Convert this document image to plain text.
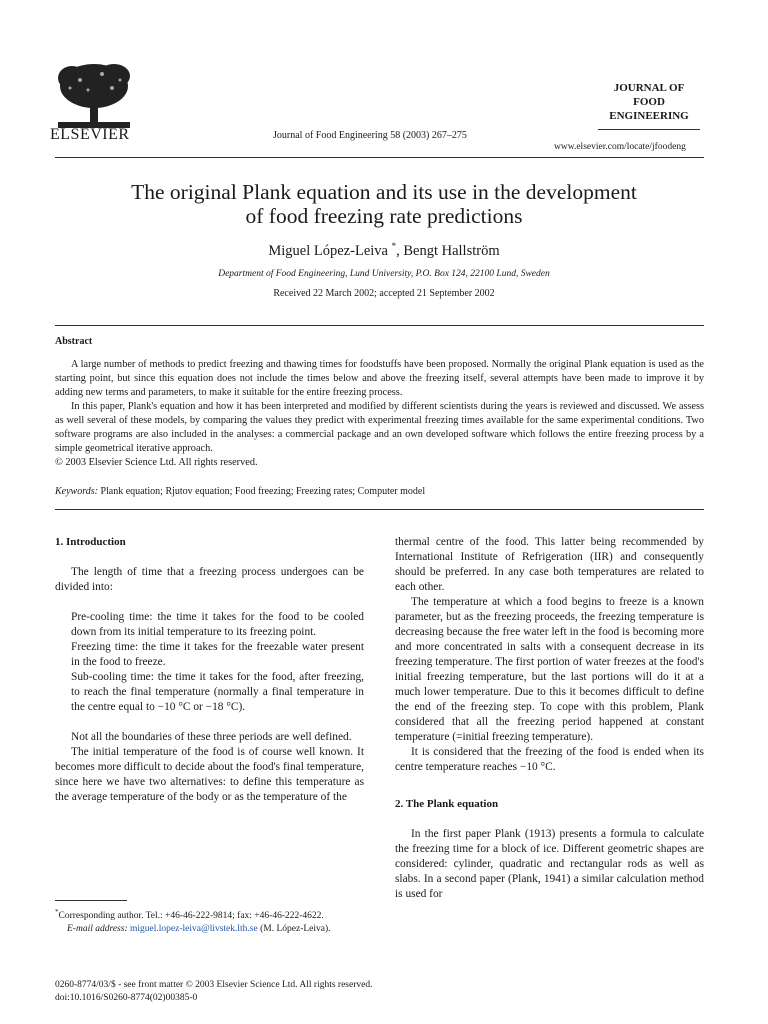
ELSEVIER	Journal of Food Engineering 58 (2003) 267–275
JOURNAL OF
FOOD
ENGINEERING
www.elsevier.com/locate/jfoodeng
The original Plank equation and its use in the development
of food freezing rate predictions
Miguel López-Leiva *, Bengt Hallström
Department of Food Engineering, Lund University, P.O. Box 124, 22100 Lund, Sweden
Received 22 March 2002; accepted 21 September 2002
Abstract

A large number of methods to predict freezing and thawing times for foodstuffs have been proposed. Normally the original Plank equation is used as the starting point, but since this equation does not include the times below and above the freezing itself, several attempts have been made to improve it by adding new terms and parameters, to make it suitable for the entire freezing process.

In this paper, Plank's equation and how it has been interpreted and modified by different scientists during the years is reviewed and discussed. We assess as well several of these models, by comparing the values they predict with experimental freezing times available for the same experimental conditions. Two software programs are also included in the analyses: a commercial package and an own developed software which follows the entire freezing process by a simple geometrical iterative approach.

© 2003 Elsevier Science Ltd. All rights reserved.

Keywords: Plank equation; Rjutov equation; Food freezing; Freezing rates; Computer model
1. Introduction

The length of time that a freezing process undergoes can be divided into:

Pre-cooling time: the time it takes for the food to be cooled down from its initial temperature to its freezing point.

Freezing time: the time it takes for the freezable water present in the food to freeze.

Sub-cooling time: the time it takes for the food, after freezing, to reach the final temperature (normally a final temperature in the centre equal to −10 °C or −18 °C).

Not all the boundaries of these three periods are well defined.

The initial temperature of the food is of course well known. It becomes more difficult to decide about the food's final temperature, since here we have two alternatives: to define this temperature as the average temperature of the body or as the temperature of the

thermal centre of the food. This latter being recommended by International Institute of Refrigeration (IIR) and consequently should be preferred. In any case both temperatures are related to each other.

The temperature at which a food begins to freeze is a known parameter, but as the freezing proceeds, the freezing temperature is decreasing because the free water left in the food is becoming more and more concentrated in salts with a consequent decrease in its freezing temperature. The first portion of water freezes at the food's initial freezing temperature, but the last portions will do it at a much lower temperature. Due to this it becomes difficult to define the end of the freezing step. To cope with this problem, Plank considered that all the freezing period happened at constant temperature (=initial freezing temperature).

It is considered that the freezing of the food is ended when its centre temperature reaches −10 °C.

2. The Plank equation

In the first paper Plank (1913) presents a formula to calculate the freezing time for a block of ice. Different geometric shapes are considered: cylinder, quadratic and rectangular rods as well as slabs. In a second paper (Plank, 1941) a similar calculation method is used for

*Corresponding author. Tel.: +46-46-222-9814; fax: +46-46-222-4622.
E-mail address: miguel.lopez-leiva@livstek.lth.se (M. López-Leiva).
0260-8774/03/$ - see front matter © 2003 Elsevier Science Ltd. All rights reserved.
doi:10.1016/S0260-8774(02)00385-0
